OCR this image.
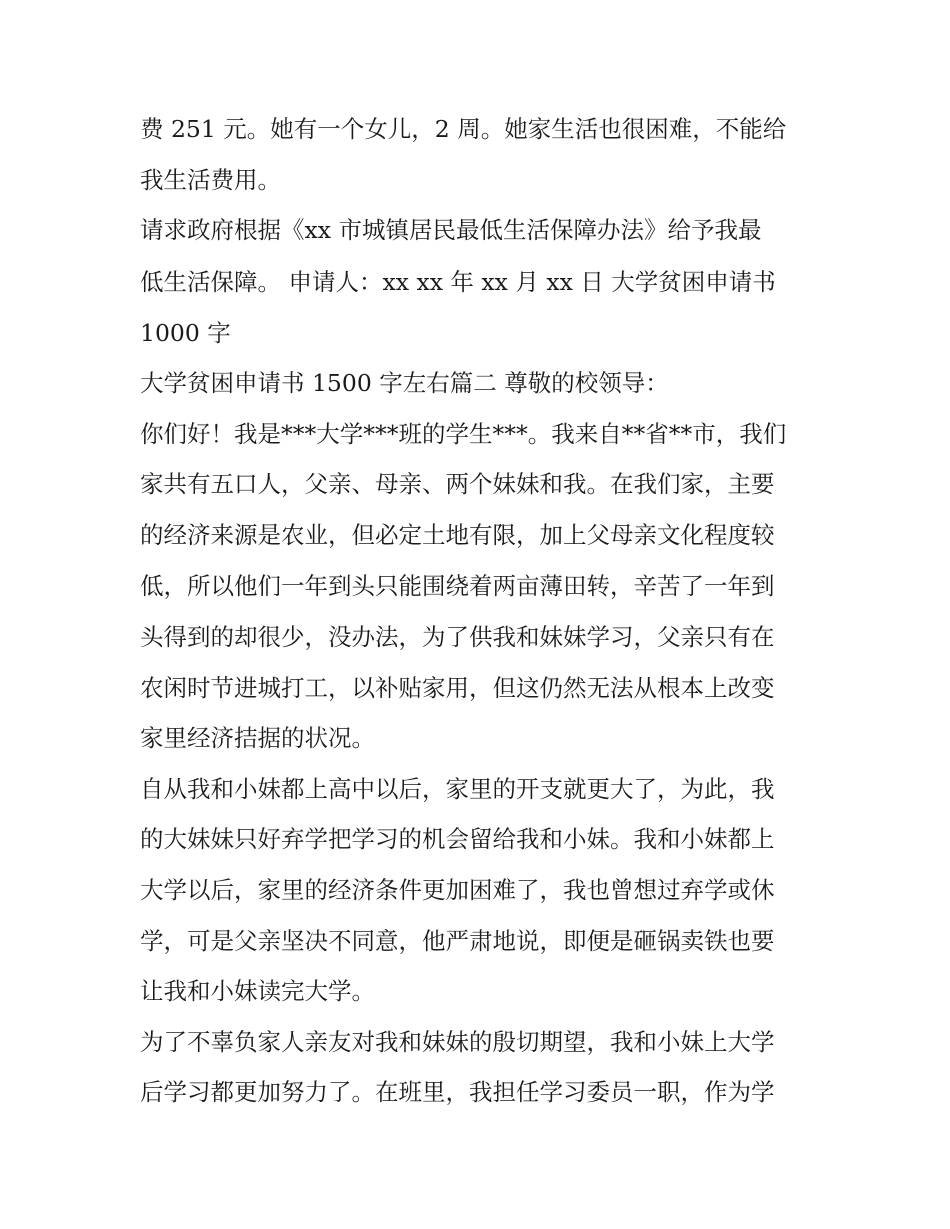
费 251 元。她有一个女儿，2 周。她家生活也很困难，不能给
我生活费用。
请求政府根据《xx 市城镇居民最低生活保障办法》给予我最
低生活保障。 申请人：xx xx 年 xx 月 xx 日 大学贫困申请书
1000 字
大学贫困申请书 1500 字左右篇二 尊敬的校领导：
你们好！我是***大学***班的学生***。我来自**省**市，我们
家共有五口人，父亲、母亲、两个妹妹和我。在我们家，主要
的经济来源是农业，但必定土地有限，加上父母亲文化程度较
低，所以他们一年到头只能围绕着两亩薄田转，辛苦了一年到
头得到的却很少，没办法，为了供我和妹妹学习，父亲只有在
农闲时节进城打工，以补贴家用，但这仍然无法从根本上改变
家里经济拮据的状况。
自从我和小妹都上高中以后，家里的开支就更大了，为此，我
的大妹妹只好弃学把学习的机会留给我和小妹。我和小妹都上
大学以后，家里的经济条件更加困难了，我也曾想过弃学或休
学，可是父亲坚决不同意，他严肃地说，即便是砸锅卖铁也要
让我和小妹读完大学。
为了不辜负家人亲友对我和妹妹的殷切期望，我和小妹上大学
后学习都更加努力了。在班里，我担任学习委员一职，作为学
